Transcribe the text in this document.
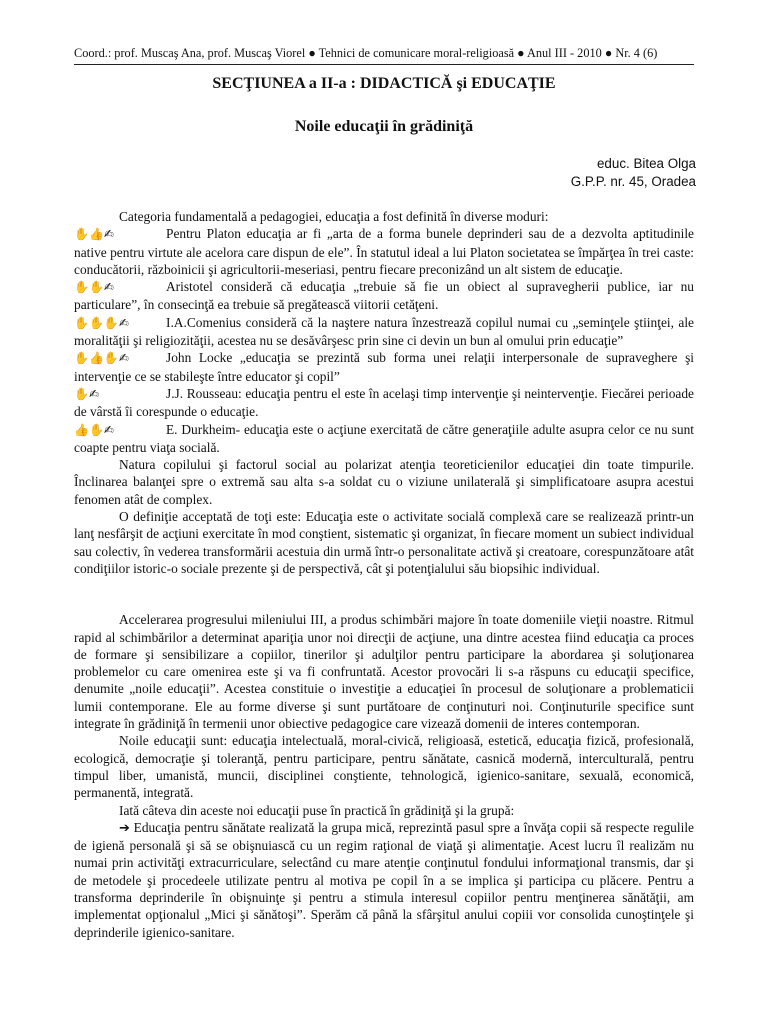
Coord.: prof. Muscaş Ana, prof. Muscaş Viorel ● Tehnici de comunicare moral-religioasă ● Anul III - 2010 ● Nr. 4 (6)
SECŢIUNEA a II-a : DIDACTICĂ şi EDUCAŢIE
Noile educaţii în grădiniţă
educ. Bitea Olga
G.P.P. nr. 45, Oradea

Categoria fundamentală a pedagogiei, educaţia a fost definită în diverse moduri:

✋👍✍	Pentru Platon educaţia ar fi „arta de a forma bunele deprinderi sau de a dezvolta aptitudinile native pentru virtute ale acelora care dispun de ele”. În statutul ideal a lui Platon societatea se împărţea în trei caste: conducătorii, războinicii şi agricultorii-meseriasi, pentru fiecare preconizând un alt sistem de educaţie.

✋✋✍	Aristotel consideră că educaţia „trebuie să fie un obiect al supravegherii publice, iar nu particulare”, în consecinţă ea trebuie să pregătească viitorii cetăţeni.

✋✋✋✍	I.A.Comenius consideră că la naştere natura înzestrează copilul numai cu „seminţele ştiinţei, ale moralităţii şi religiozităţii, acestea nu se desăvârşesc prin sine ci devin un bun al omului prin educaţie”

✋👍✋✍	John Locke „educaţia se prezintă sub forma unei relaţii interpersonale de supraveghere şi intervenţie ce se stabileşte între educator şi copil”

✋✍	J.J. Rousseau: educaţia pentru el este în acelaşi timp intervenţie şi neintervenţie. Fiecărei perioade de vârstă îi corespunde o educaţie.

👍✋✍	E. Durkheim- educaţia este o acţiune exercitată de către generaţiile adulte asupra celor ce nu sunt coapte pentru viaţa socială.

Natura copilului şi factorul social au polarizat atenţia teoreticienilor educaţiei din toate timpurile. Înclinarea balanţei spre o extremă sau alta s-a soldat cu o viziune unilaterală şi simplificatoare asupra acestui fenomen atât de complex.

O definiţie acceptată de toţi este: Educaţia este o activitate socială complexă care se realizează printr-un lanţ nesfârşit de acţiuni exercitate în mod conştient, sistematic şi organizat, în fiecare moment un subiect individual sau colectiv, în vederea transformării acestuia din urmă într-o personalitate activă şi creatoare, corespunzătoare atât condiţiilor istoric-o sociale prezente şi de perspectivă, cât şi potenţialului său biopsihic individual.

Accelerarea progresului mileniului III, a produs schimbări majore în toate domeniile vieţii noastre. Ritmul rapid al schimbărilor a determinat apariţia unor noi direcţii de acţiune, una dintre acestea fiind educaţia ca proces de formare şi sensibilizare a copiilor, tinerilor şi adulţilor pentru participare la abordarea şi soluţionarea problemelor cu care omenirea este şi va fi confruntată. Acestor provocări li s-a răspuns cu educaţii specifice, denumite „noile educaţii”. Acestea constituie o investiţie a educaţiei în procesul de soluţionare a problematicii lumii contemporane. Ele au forme diverse şi sunt purtătoare de conţinuturi noi. Conţinuturile specifice sunt integrate în grădiniţă în termenii unor obiective pedagogice care vizează domenii de interes contemporan.

Noile educaţii sunt: educaţia intelectuală, moral-civică, religioasă, estetică, educaţia fizică, profesională, ecologică, democraţie şi toleranţă, pentru participare, pentru sănătate, casnică modernă, interculturală, pentru timpul liber, umanistă, muncii, disciplinei conştiente, tehnologică, igienico-sanitare, sexuală, economică, permanentă, integrată.

Iată câteva din aceste noi educaţii puse în practică în grădiniţă şi la grupă:

➔ Educaţia pentru sănătate realizată la grupa mică, reprezintă pasul spre a învăţa copii să respecte regulile de igienă personală şi să se obişnuiască cu un regim raţional de viaţă şi alimentaţie. Acest lucru îl realizăm nu numai prin activităţi extracurriculare, selectând cu mare atenţie conţinutul fondului informaţional transmis, dar şi de metodele şi procedeele utilizate pentru al motiva pe copil în a se implica şi participa cu plăcere. Pentru a transforma deprinderile în obişnuinţe şi pentru a stimula interesul copiilor pentru menţinerea sănătăţii, am implementat opţionalul „Mici şi sănătoşi”. Sperăm că până la sfârşitul anului copiii vor consolida cunoştinţele şi deprinderile igienico-sanitare.
